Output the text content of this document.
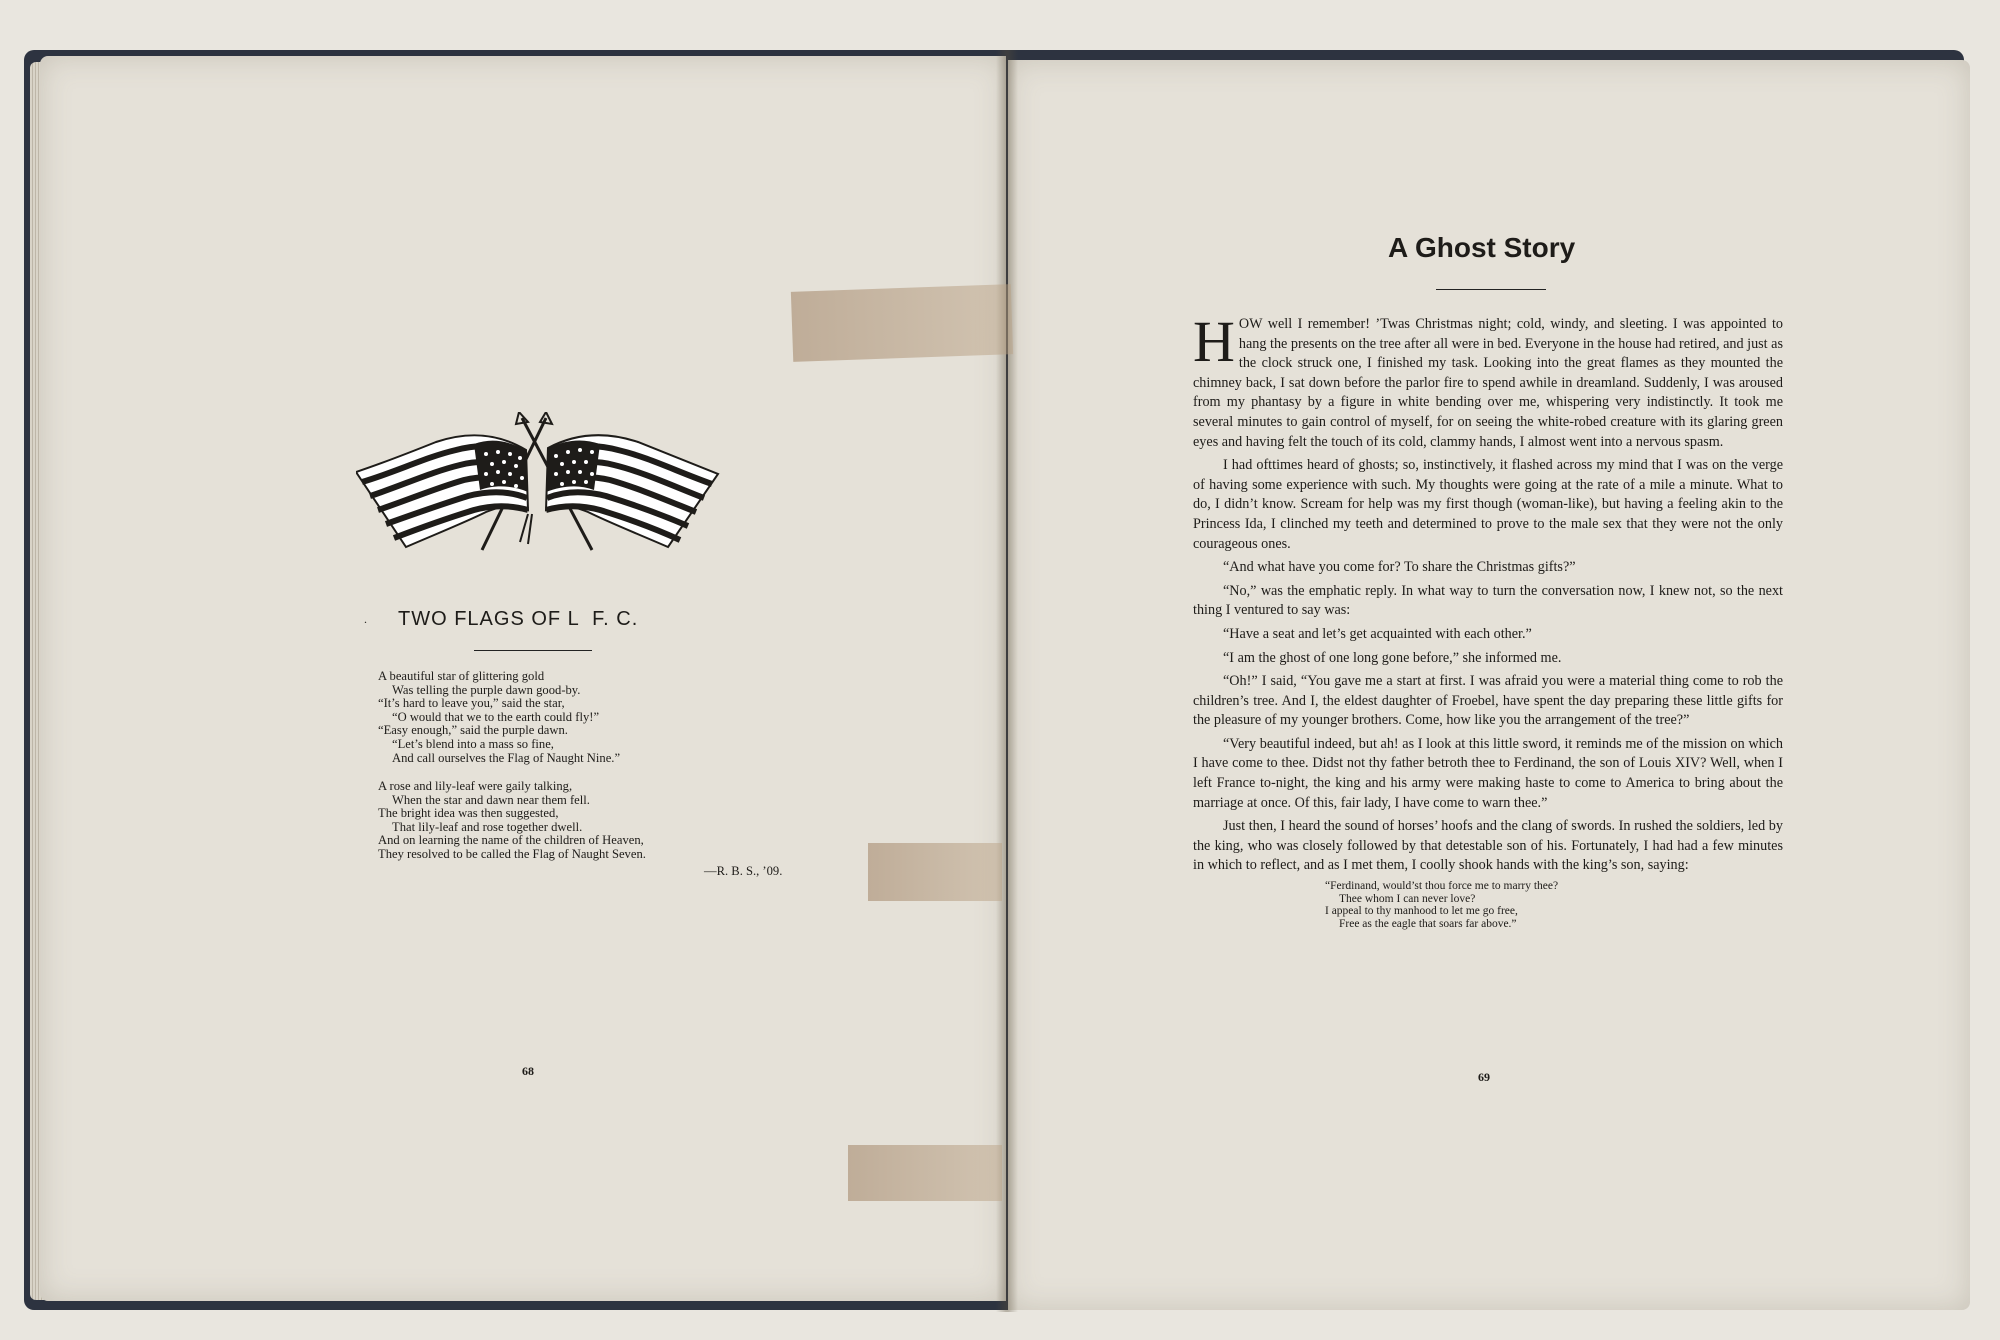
. TWO FLAGS OF L  F. C.
A beautiful star of glittering gold
Was telling the purple dawn good-by.
“It’s hard to leave you,” said the star,
“O would that we to the earth could fly!”
“Easy enough,” said the purple dawn.
“Let’s blend into a mass so fine,
And call ourselves the Flag of Naught Nine.”
A rose and lily-leaf were gaily talking,
When the star and dawn near them fell.
The bright idea was then suggested,
That lily-leaf and rose together dwell.
And on learning the name of the children of Heaven,
They resolved to be called the Flag of Naught Seven.
—R. B. S., ’09.
68
A Ghost Story

HOW well I remember! ’Twas Christmas night; cold, windy, and sleeting. I was appointed to hang the presents on the tree after all were in bed. Everyone in the house had retired, and just as the clock struck one, I finished my task. Looking into the great flames as they mounted the chimney back, I sat down before the parlor fire to spend awhile in dreamland. Suddenly, I was aroused from my phantasy by a figure in white bending over me, whispering very indistinctly. It took me several minutes to gain control of myself, for on seeing the white-robed creature with its glaring green eyes and having felt the touch of its cold, clammy hands, I almost went into a nervous spasm.

I had ofttimes heard of ghosts; so, instinctively, it flashed across my mind that I was on the verge of having some experience with such. My thoughts were going at the rate of a mile a minute. What to do, I didn’t know. Scream for help was my first though (woman-like), but having a feeling akin to the Princess Ida, I clinched my teeth and determined to prove to the male sex that they were not the only courageous ones.

“And what have you come for? To share the Christmas gifts?”

“No,” was the emphatic reply. In what way to turn the conversation now, I knew not, so the next thing I ventured to say was:

“Have a seat and let’s get acquainted with each other.”

“I am the ghost of one long gone before,” she informed me.

“Oh!” I said, “You gave me a start at first. I was afraid you were a material thing come to rob the children’s tree. And I, the eldest daughter of Froebel, have spent the day preparing these little gifts for the pleasure of my younger brothers. Come, how like you the arrangement of the tree?”

“Very beautiful indeed, but ah! as I look at this little sword, it reminds me of the mission on which I have come to thee. Didst not thy father betroth thee to Ferdinand, the son of Louis XIV? Well, when I left France to-night, the king and his army were making haste to come to America to bring about the marriage at once. Of this, fair lady, I have come to warn thee.”

Just then, I heard the sound of horses’ hoofs and the clang of swords. In rushed the soldiers, led by the king, who was closely followed by that detestable son of his. Fortunately, I had had a few minutes in which to reflect, and as I met them, I coolly shook hands with the king’s son, saying:

“Ferdinand, would’st thou force me to marry thee?
Thee whom I can never love?
I appeal to thy manhood to let me go free,
Free as the eagle that soars far above.”
69
